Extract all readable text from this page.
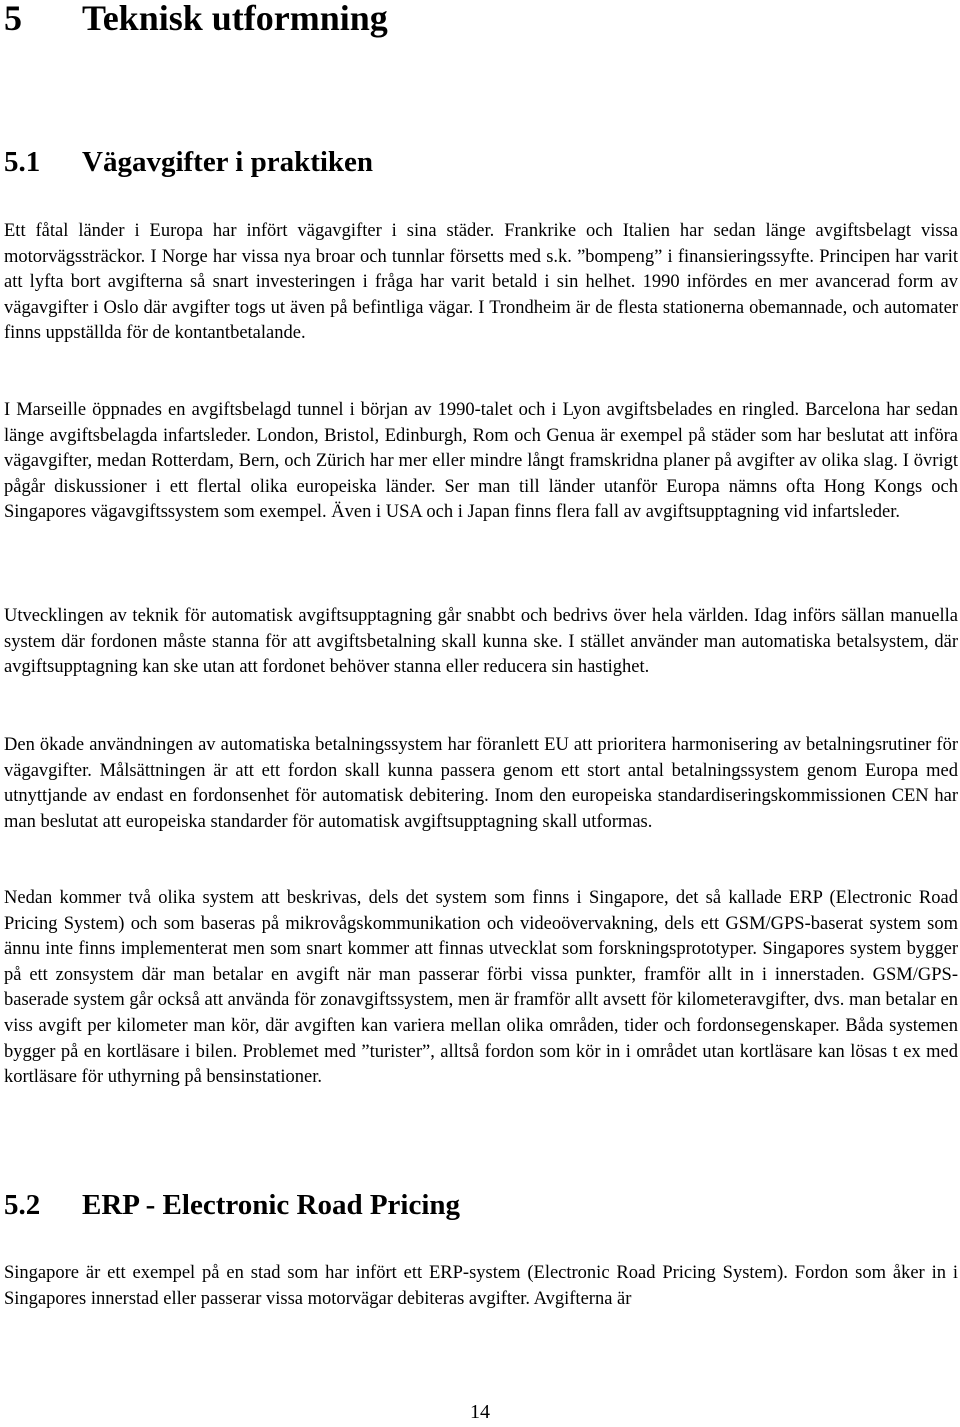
5 Teknisk utformning
5.1 Vägavgifter i praktiken

Ett fåtal länder i Europa har infört vägavgifter i sina städer. Frankrike och Italien har sedan länge avgiftsbelagt vissa motorvägssträckor. I Norge har vissa nya broar och tunnlar försetts med s.k. ”bompeng” i finansieringssyfte. Principen har varit att lyfta bort avgifterna så snart investeringen i fråga har varit betald i sin helhet. 1990 infördes en mer avancerad form av vägavgifter i Oslo där avgifter togs ut även på befintliga vägar. I Trondheim är de flesta stationerna obemannade, och automater finns uppställda för de kontantbetalande.

I Marseille öppnades en avgiftsbelagd tunnel i början av 1990-talet och i Lyon avgiftsbelades en ringled. Barcelona har sedan länge avgiftsbelagda infartsleder. London, Bristol, Edinburgh, Rom och Genua är exempel på städer som har beslutat att införa vägavgifter, medan Rotterdam, Bern, och Zürich har mer eller mindre långt framskridna planer på avgifter av olika slag. I övrigt pågår diskussioner i ett flertal olika europeiska länder. Ser man till länder utanför Europa nämns ofta Hong Kongs och Singapores vägavgiftssystem som exempel. Även i USA och i Japan finns flera fall av avgiftsupptagning vid infartsleder.

Utvecklingen av teknik för automatisk avgiftsupptagning går snabbt och bedrivs över hela världen. Idag införs sällan manuella system där fordonen måste stanna för att avgiftsbetalning skall kunna ske. I stället använder man automatiska betalsystem, där avgiftsupptagning kan ske utan att fordonet behöver stanna eller reducera sin hastighet.

Den ökade användningen av automatiska betalningssystem har föranlett EU att prioritera harmonisering av betalningsrutiner för vägavgifter. Målsättningen är att ett fordon skall kunna passera genom ett stort antal betalningssystem genom Europa med utnyttjande av endast en fordonsenhet för automatisk debitering. Inom den europeiska standardiseringskommissionen CEN har man beslutat att europeiska standarder för automatisk avgiftsupptagning skall utformas.

Nedan kommer två olika system att beskrivas, dels det system som finns i Singapore, det så kallade ERP (Electronic Road Pricing System) och som baseras på mikrovågskommunikation och videoövervakning, dels ett GSM/GPS-baserat system som ännu inte finns implementerat men som snart kommer att finnas utvecklat som forskningsprototyper. Singapores system bygger på ett zonsystem där man betalar en avgift när man passerar förbi vissa punkter, framför allt in i innerstaden. GSM/GPS-baserade system går också att använda för zonavgiftssystem, men är framför allt avsett för kilometeravgifter, dvs. man betalar en viss avgift per kilometer man kör, där avgiften kan variera mellan olika områden, tider och fordonsegenskaper. Båda systemen bygger på en kortläsare i bilen. Problemet med ”turister”, alltså fordon som kör in i området utan kortläsare kan lösas t ex med kortläsare för uthyrning på bensinstationer.

5.2 ERP - Electronic Road Pricing

Singapore är ett exempel på en stad som har infört ett ERP-system (Electronic Road Pricing System). Fordon som åker in i Singapores innerstad eller passerar vissa motorvägar debiteras avgifter. Avgifterna är

14
